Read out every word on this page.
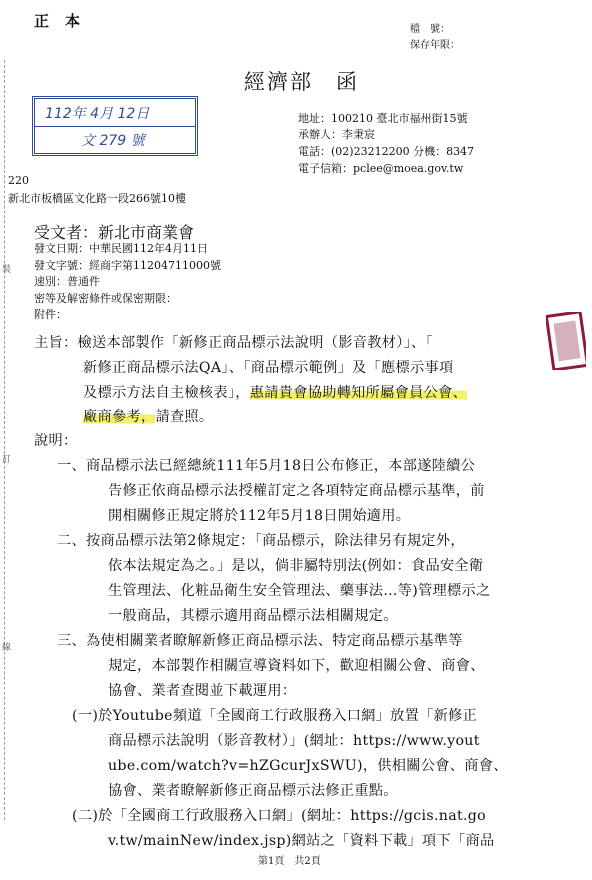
正本	檔　號：
保存年限：
經濟部　函
112年 4月 12日
文 279 號
地址：100210 臺北市福州街15號
承辦人：李秉宸
電話：(02)23212200 分機：8347
電子信箱：pclee@moea.gov.tw
220
新北市板橋區文化路一段266號10樓
受文者：新北市商業會
發文日期：中華民國112年4月11日
發文字號：經商字第11204711000號
速別：普通件
密等及解密條件或保密期限：
附件：
主旨：檢送本部製作「新修正商品標示法說明（影音教材）」、「
新修正商品標示法QA」、「商品標示範例」及「應標示事項
及標示方法自主檢核表」，惠請貴會協助轉知所屬會員公會、
廠商參考，請查照。
說明：
一、商品標示法已經總統111年5月18日公布修正，本部遂陸續公
告修正依商品標示法授權訂定之各項特定商品標示基準，前
開相關修正規定將於112年5月18日開始適用。
二、按商品標示法第2條規定：「商品標示，除法律另有規定外，
依本法規定為之。」是以，倘非屬特別法(例如：食品安全衛
生管理法、化粧品衛生安全管理法、藥事法…等)管理標示之
一般商品，其標示適用商品標示法相關規定。
三、為使相關業者瞭解新修正商品標示法、特定商品標示基準等
規定，本部製作相關宣導資料如下，歡迎相關公會、商會、
協會、業者查閱並下載運用：
(一)於Youtube頻道「全國商工行政服務入口網」放置「新修正
商品標示法說明（影音教材）」(網址：https://www.yout
ube.com/watch?v=hZGcurJxSWU)，供相關公會、商會、
協會、業者瞭解新修正商品標示法修正重點。
(二)於「全國商工行政服務入口網」(網址：https://gcis.nat.go
v.tw/mainNew/index.jsp)網站之「資料下載」項下「商品
裝
訂
線
第1頁　共2頁
